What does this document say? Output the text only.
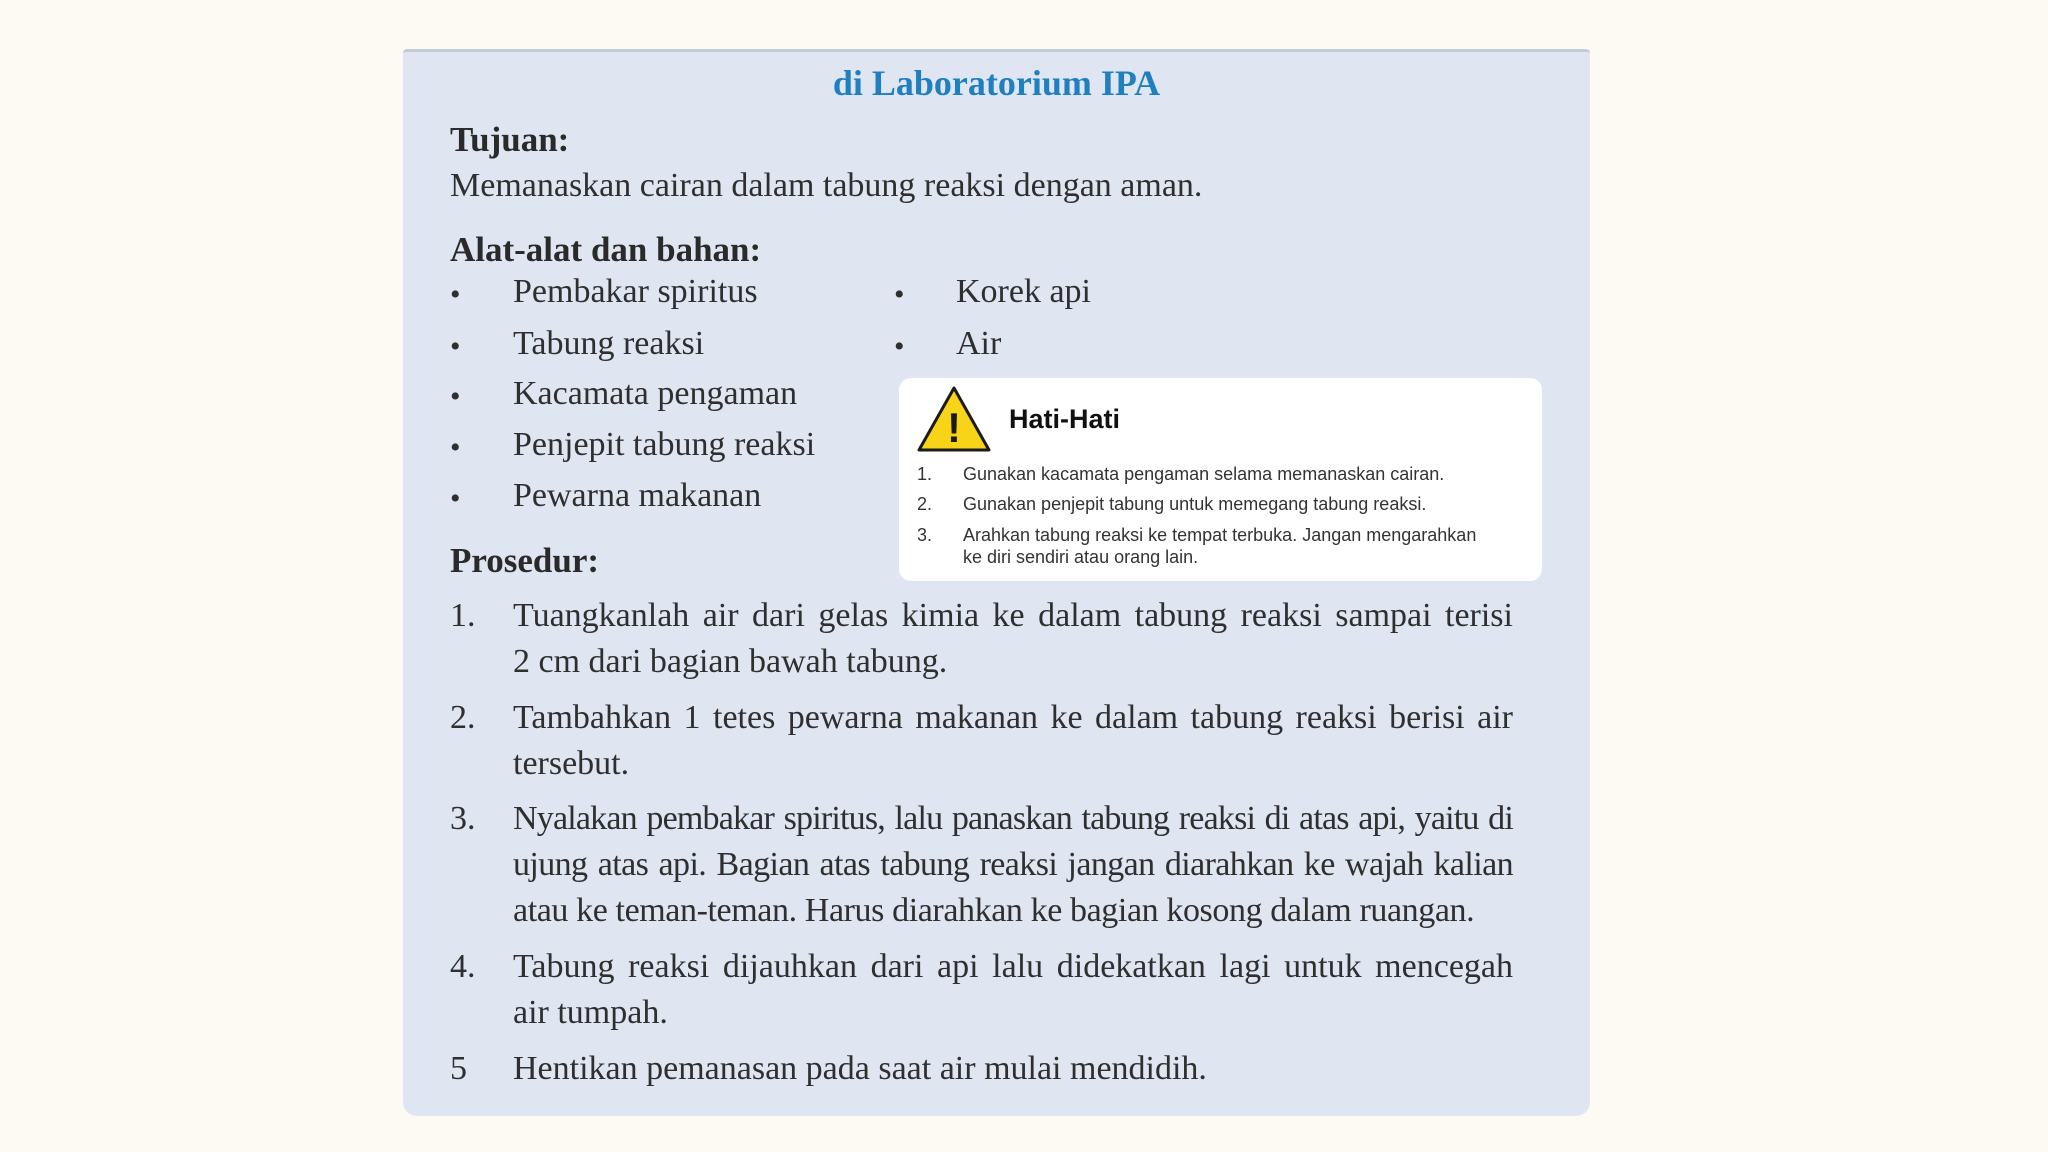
di Laboratorium IPA
Tujuan:
Memanaskan cairan dalam tabung reaksi dengan aman.
Alat-alat dan bahan:
• Pembakar spiritus
• Tabung reaksi
• Kacamata pengaman
• Penjepit tabung reaksi
• Pewarna makanan
• Korek api
• Air
! Hati-Hati
1. Gunakan kacamata pengaman selama memanaskan cairan.
2. Gunakan penjepit tabung untuk memegang tabung reaksi.
3. Arahkan tabung reaksi ke tempat terbuka. Jangan mengarahkan
ke diri sendiri atau orang lain.
Prosedur:
1. Tuangkanlah air dari gelas kimia ke dalam tabung reaksi sampai terisi
2 cm dari bagian bawah tabung.
2. Tambahkan 1 tetes pewarna makanan ke dalam tabung reaksi berisi air
tersebut.
3. Nyalakan pembakar spiritus, lalu panaskan tabung reaksi di atas api, yaitu di
ujung atas api. Bagian atas tabung reaksi jangan diarahkan ke wajah kalian
atau ke teman-teman. Harus diarahkan ke bagian kosong dalam ruangan.
4. Tabung reaksi dijauhkan dari api lalu didekatkan lagi untuk mencegah
air tumpah.
5 Hentikan pemanasan pada saat air mulai mendidih.
